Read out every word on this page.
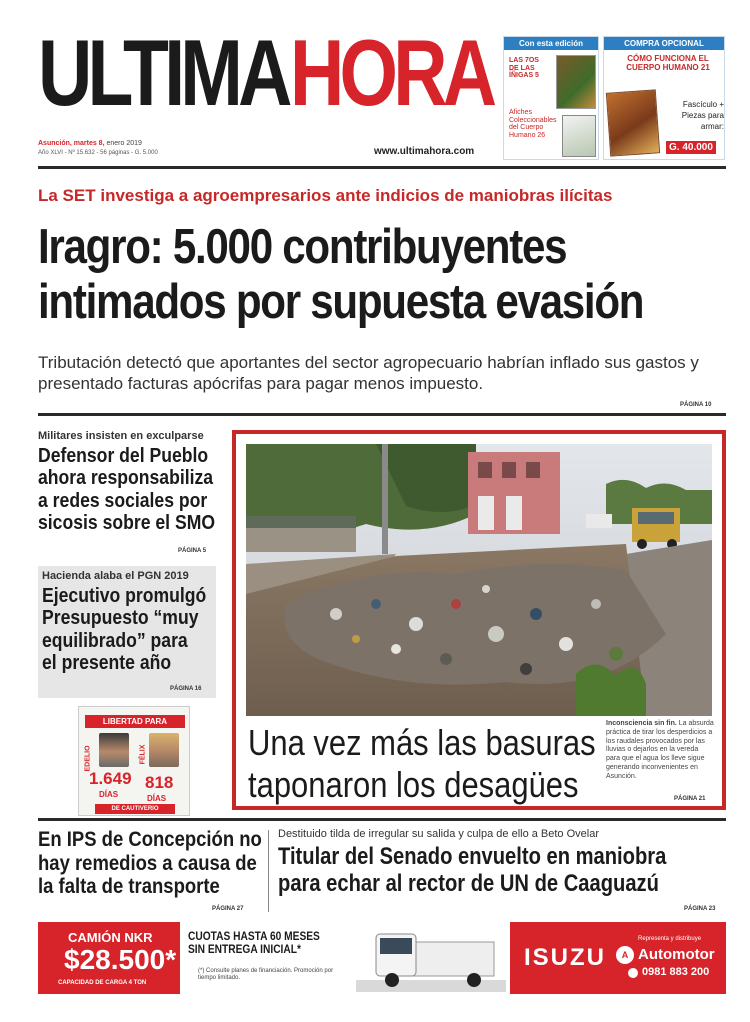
ULTIMA HORA
Asunción, martes 8, enero 2019
Año XLVI - Nº 15.632 - 56 páginas - G. 5.000	www.ultimahora.com
Con esta edición
LAS 7OS DE LAS ÍÑIGAS 5
Afiches Coleccionables del Cuerpo Humano 26
COMPRA OPCIONAL
CÓMO FUNCIONA EL CUERPO HUMANO 21
Fascículo + Piezas para armar:
G. 40.000
La SET investiga a agroempresarios ante indicios de maniobras ilícitas
Iragro: 5.000 contribuyentes
intimados por supuesta evasión
Tributación detectó que aportantes del sector agropecuario habrían inflado sus gastos y presentado facturas apócrifas para pagar menos impuesto.
PÁGINA 10
Militares insisten en exculparse
Defensor del Pueblo
ahora responsabiliza
a redes sociales por
sicosis sobre el SMO
PÁGINA 5
Hacienda alaba el PGN 2019
Ejecutivo promulgó
Presupuesto “muy
equilibrado” para
el presente año
PÁGINA 16
LIBERTAD PARA
EDELIO	FÉLIX
1.649 818
DÍAS	DÍAS
DE CAUTIVERIO
Una vez más las basuras
taponaron los desagües
Inconsciencia sin fin. La absurda práctica de tirar los desperdicios a los raudales provocados por las lluvias o dejarlos en la vereda para que el agua los lleve sigue generando inconvenientes en Asunción.
PÁGINA 21
En IPS de Concepción no
hay remedios a causa de
la falta de transporte
PÁGINA 27
Destituido tilda de irregular su salida y culpa de ello a Beto Ovelar
Titular del Senado envuelto en maniobra
para echar al rector de UN de Caaguazú
PÁGINA 23
CAMIÓN NKR
$28.500*
CAPACIDAD DE CARGA 4 TON
CUOTAS HASTA 60 MESES
SIN ENTREGA INICIAL*
(*) Consulte planes de financiación. Promoción por tiempo limitado.
ISUZU
Representa y distribuye
A Automotor
0981 883 200
